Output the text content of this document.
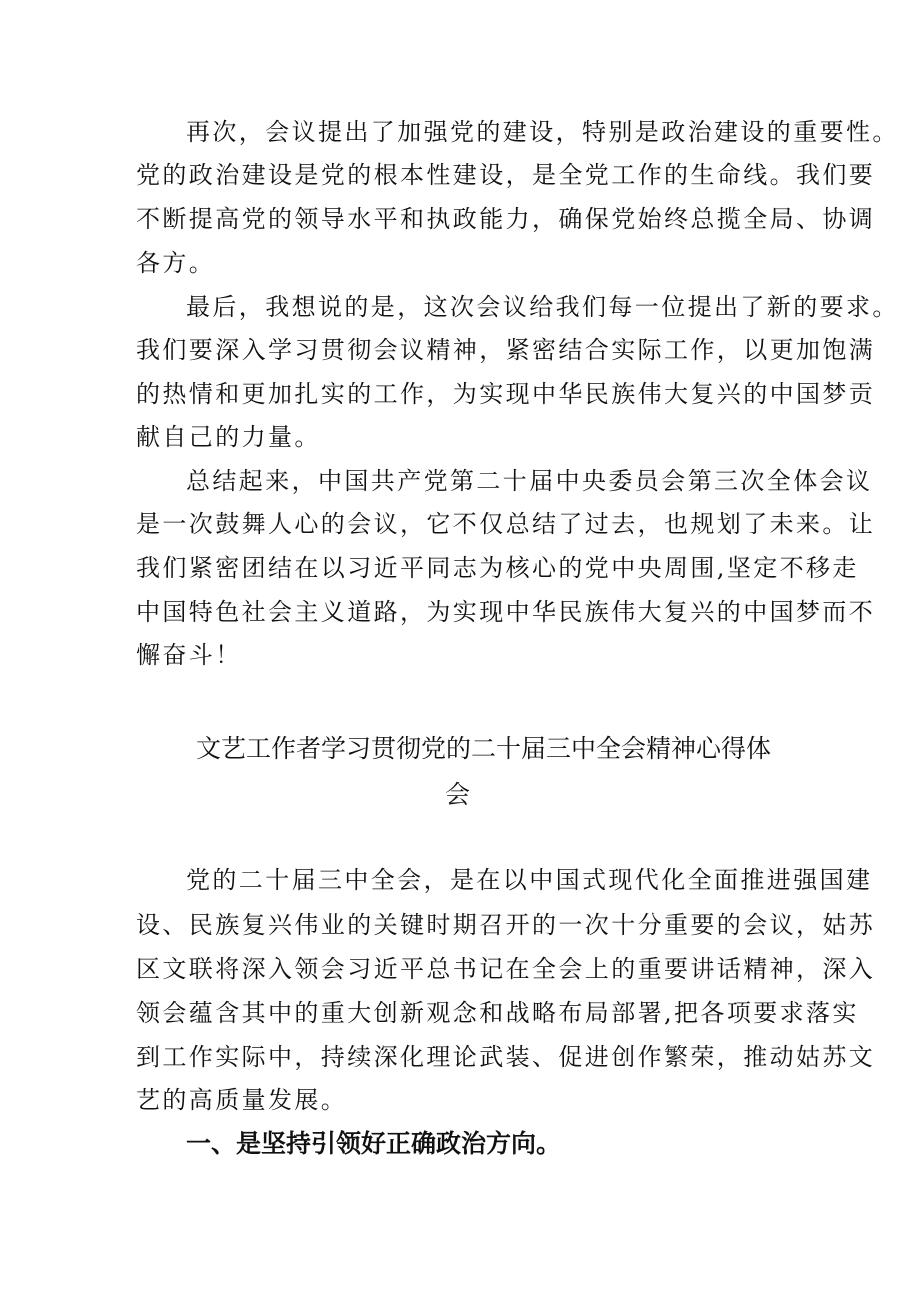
再次，会议提出了加强党的建设，特别是政治建设的重要性。
党的政治建设是党的根本性建设，是全党工作的生命线。我们要
不断提高党的领导水平和执政能力，确保党始终总揽全局、协调
各方。
最后，我想说的是，这次会议给我们每一位提出了新的要求。
我们要深入学习贯彻会议精神，紧密结合实际工作，以更加饱满
的热情和更加扎实的工作，为实现中华民族伟大复兴的中国梦贡
献自己的力量。
总结起来，中国共产党第二十届中央委员会第三次全体会议
是一次鼓舞人心的会议，它不仅总结了过去，也规划了未来。让
我们紧密团结在以习近平同志为核心的党中央周围,坚定不移走
中国特色社会主义道路，为实现中华民族伟大复兴的中国梦而不
懈奋斗！
文艺工作者学习贯彻党的二十届三中全会精神心得体
会
党的二十届三中全会，是在以中国式现代化全面推进强国建
设、民族复兴伟业的关键时期召开的一次十分重要的会议，姑苏
区文联将深入领会习近平总书记在全会上的重要讲话精神，深入
领会蕴含其中的重大创新观念和战略布局部署,把各项要求落实
到工作实际中，持续深化理论武装、促进创作繁荣，推动姑苏文
艺的高质量发展。
一、是坚持引领好正确政治方向。
